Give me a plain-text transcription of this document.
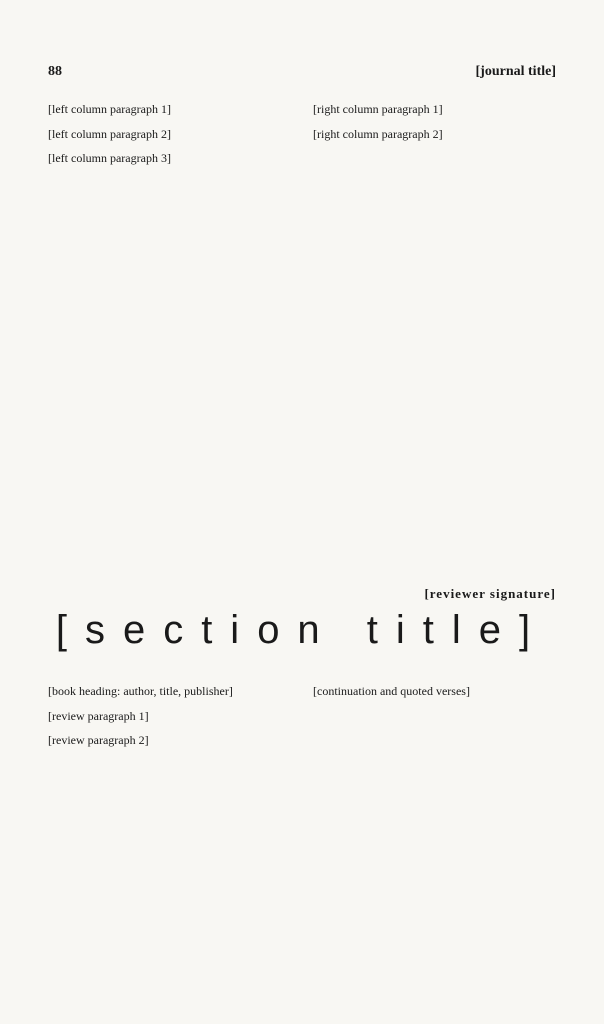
88	[journal title]

[left column paragraph 1]

[left column paragraph 2]

[left column paragraph 3]

[right column paragraph 1]

[right column paragraph 2]

[reviewer signature]
[section title]

[book heading: author, title, publisher]

[review paragraph 1]

[review paragraph 2]

[continuation and quoted verses]
